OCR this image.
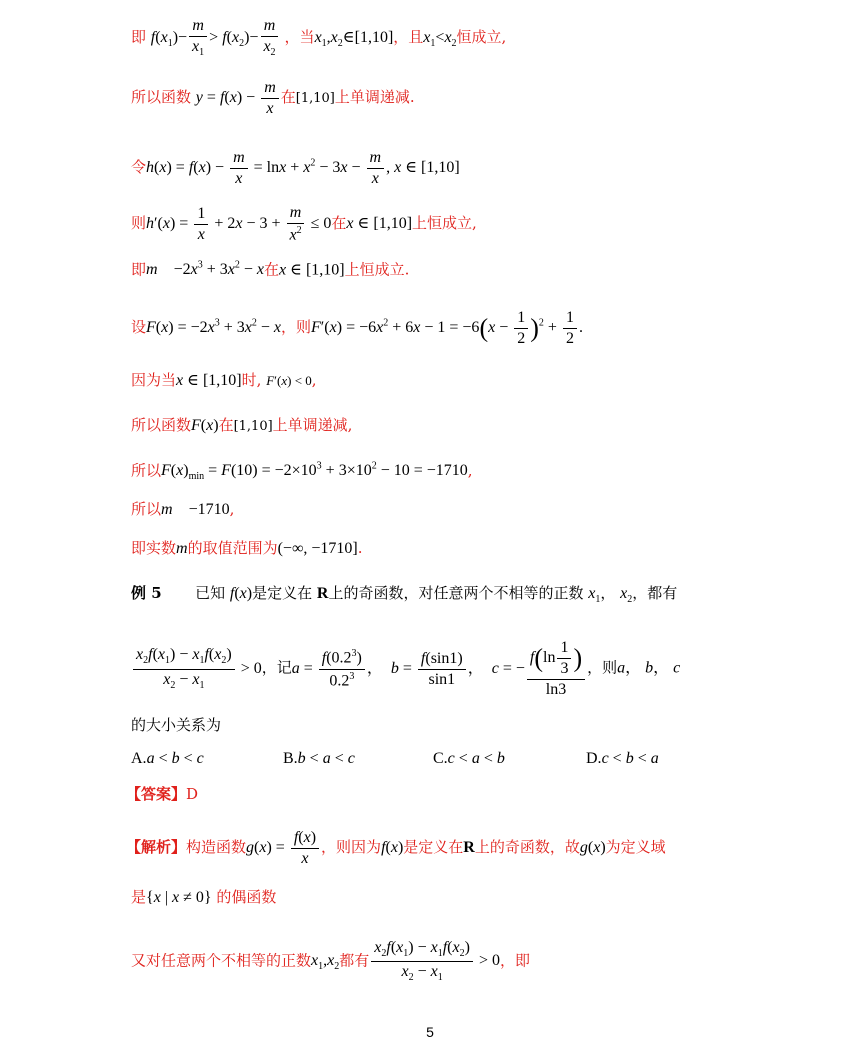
即 $f(x_1)- \frac{m}{x_1} > f(x_2)- \frac{m}{x_2}$ ，当$x_1,x_2\in[1,10]$，且$x_1<x_2$恒成立,
所以函数 $y = f(x) - \frac{m}{x}$ 在[1,10]上单调递减.
令$h(x) = f(x) - \frac{m}{x} = \ln x + x^2 - 3x - \frac{m}{x}$ , x ∈ [1,10]
则$h'(x) = \frac{1}{x} + 2x - 3 + \frac{m}{x^2} \le 0$在x ∈ [1,10]上恒成立,
即m    $-2x^3 + 3x^2 - x$在x ∈ [1,10]上恒成立.
设$F(x) = -2x^3 + 3x^2 - x$，则$F'(x) = -6x^2 + 6x - 1 = -6(x - \frac{1}{2} )^2 + \frac{1}{2}$ .
因为当x ∈ [1,10]时, F′(x) < 0,
所以函数F(x)在[1,10]上单调递减,
所以$F(x)_{min} = F(10) = -2\times 10^3 + 3\times 10^2 - 10 = -1710$,
所以m    −1710,
即实数m的取值范围为(−∞, −1710].
例 5 已知 f(x)是定义在 R上的奇函数，对任意两个不相等的正数 $x_1$， $x_2$，都有
$\frac{x_2f(x_1) - x_1f(x_2)}{x_2 - x_1} > 0$，记$a = \frac{f(0.2^3)}{0.2^3}$ ，  $b = \frac{f(\sin 1)}{\sin 1}$ ，  c = − $\frac{f(\ln \frac{1}{3} )}{\ln 3}$ ，则a， b， c
的大小关系为
A.a < b < c	B.b < a < c	C.c < a < b	D.c < b < a
【答案】D
【解析】构造函数$g(x) = \frac{f(x)}{x}$ ，则因为f(x)是定义在R上的奇函数，故g(x)为定义域
是{x | x ≠ 0} 的偶函数
又对任意两个不相等的正数$x_1,x_2$都有 $\frac{x_2f(x_1) - x_1f(x_2)}{x_2 - x_1} > 0$，即
5
